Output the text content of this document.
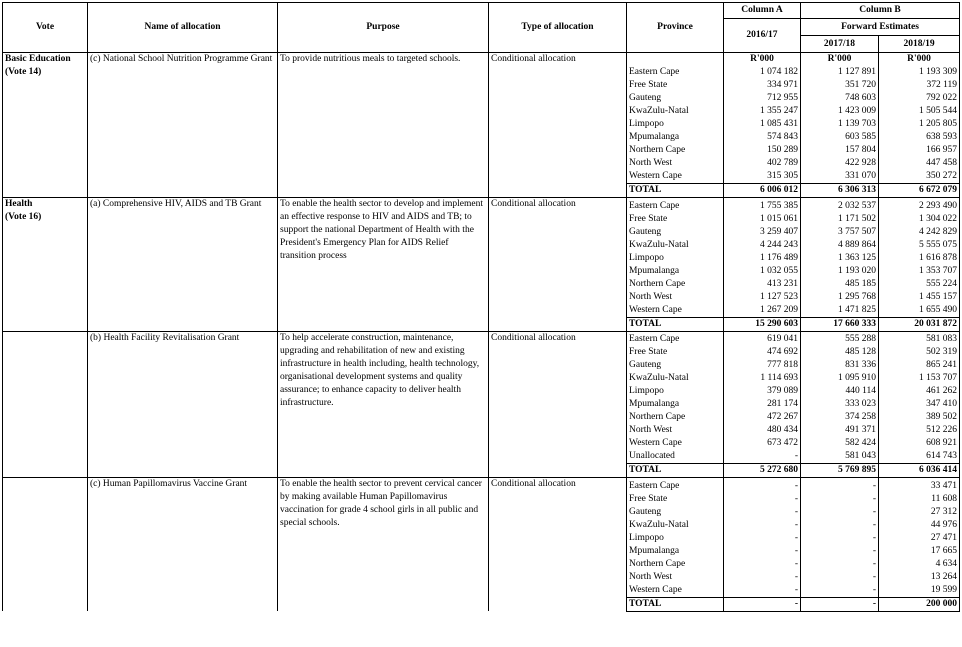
Vote	Name of allocation	Purpose	Type of allocation	Province	Column A	Column B	
					2016/17	Forward Estimates	
						2017/18	2018/19
Basic Education
(Vote 14)	(c) National School Nutrition Programme Grant	To provide nutritious meals to targeted schools.	Conditional allocation		R'000	R'000	R'000
				Eastern Cape	1 074 182	1 127 891	1 193 309
				Free State	334 971	351 720	372 119
				Gauteng	712 955	748 603	792 022
				KwaZulu-Natal	1 355 247	1 423 009	1 505 544
				Limpopo	1 085 431	1 139 703	1 205 805
				Mpumalanga	574 843	603 585	638 593
				Northern Cape	150 289	157 804	166 957
				North West	402 789	422 928	447 458
				Western Cape	315 305	331 070	350 272
				TOTAL	6 006 012	6 306 313	6 672 079
Health
(Vote 16)	(a) Comprehensive HIV, AIDS and TB Grant	To enable the health sector to develop and implement an effective response to HIV and AIDS and TB; to support the national Department of Health with the President's Emergency Plan for AIDS Relief transition process	Conditional allocation				
				Eastern Cape	1 755 385	2 032 537	2 293 490
				Free State	1 015 061	1 171 502	1 304 022
				Gauteng	3 259 407	3 757 507	4 242 829
				KwaZulu-Natal	4 244 243	4 889 864	5 555 075
				Limpopo	1 176 489	1 363 125	1 616 878
				Mpumalanga	1 032 055	1 193 020	1 353 707
				Northern Cape	413 231	485 185	555 224
				North West	1 127 523	1 295 768	1 455 157
				Western Cape	1 267 209	1 471 825	1 655 490
				TOTAL	15 290 603	17 660 333	20 031 872
	(b) Health Facility Revitalisation Grant	To help accelerate construction, maintenance, upgrading and rehabilitation of new and existing infrastructure in health including, health technology, organisational development systems and quality assurance; to enhance capacity to deliver health infrastructure.	Conditional allocation				
				Eastern Cape	619 041	555 288	581 083
				Free State	474 692	485 128	502 319
				Gauteng	777 818	831 336	865 241
				KwaZulu-Natal	1 114 693	1 095 910	1 153 707
				Limpopo	379 089	440 114	461 262
				Mpumalanga	281 174	333 023	347 410
				Northern Cape	472 267	374 258	389 502
				North West	480 434	491 371	512 226
				Western Cape	673 472	582 424	608 921
				Unallocated	-	581 043	614 743
				TOTAL	5 272 680	5 769 895	6 036 414
	(c) Human Papillomavirus Vaccine Grant	To enable the health sector to prevent cervical cancer by making available Human Papillomavirus vaccination for grade 4 school girls in all public and special schools.	Conditional allocation				
				Eastern Cape	-	-	33 471
				Free State	-	-	11 608
				Gauteng	-	-	27 312
				KwaZulu-Natal	-	-	44 976
				Limpopo	-	-	27 471
				Mpumalanga	-	-	17 665
				Northern Cape	-	-	4 634
				North West	-	-	13 264
				Western Cape	-	-	19 599
				TOTAL	-	-	200 000
